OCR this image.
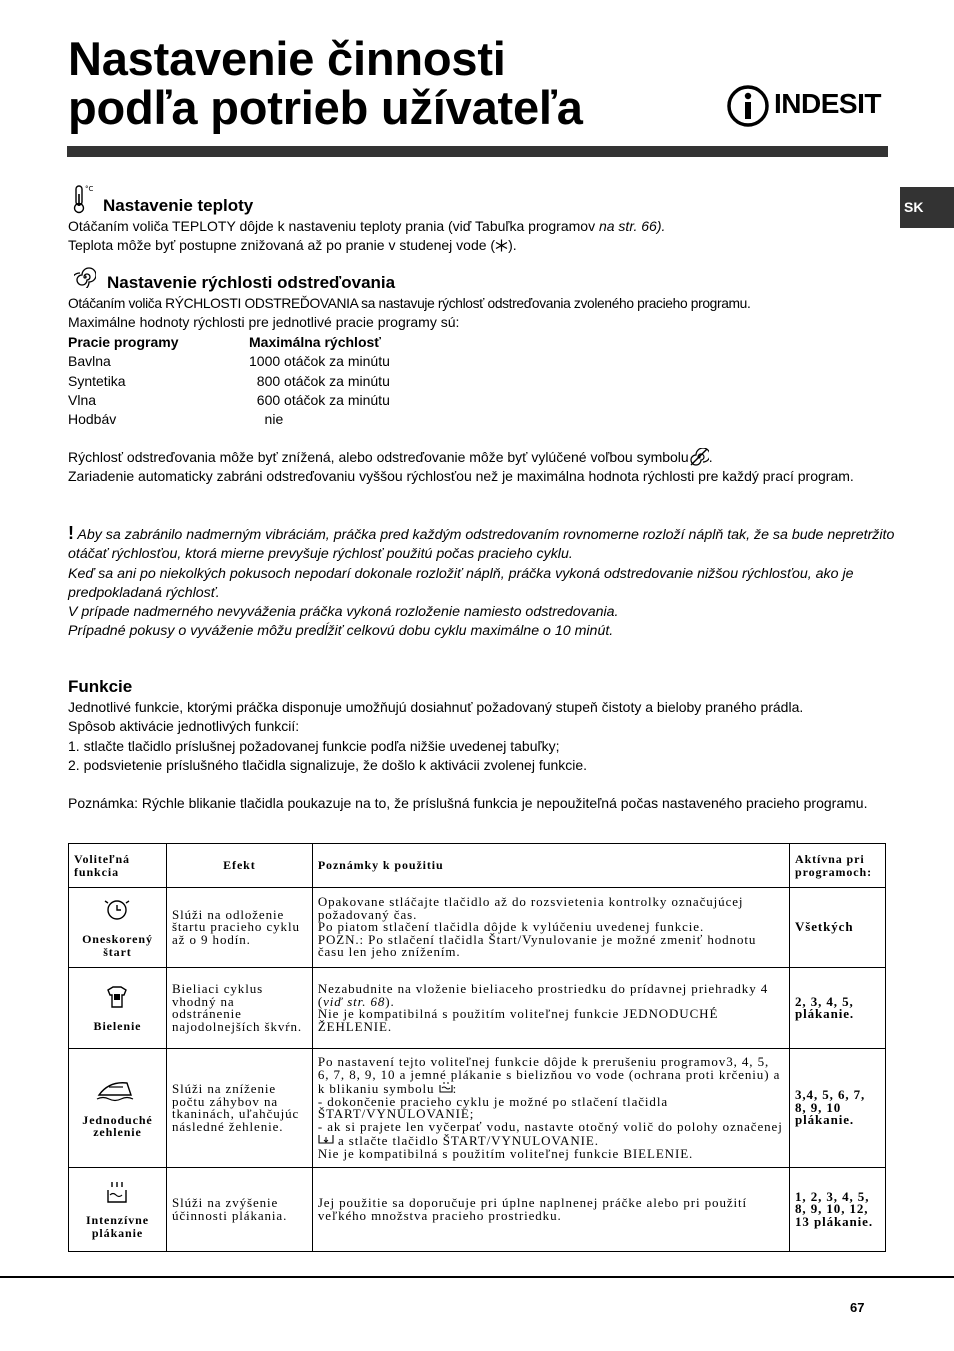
Nastavenie činnosti
podľa potrieb užívateľa	INDESIT
SK
°C
Nastavenie teploty

Otáčaním voliča TEPLOTY dôjde k nastaveniu teploty prania (viď Tabuľka programov na str. 66).

Teplota môže byť postupne znižovaná až po pranie v studenej vode ( ).

Nastavenie rýchlosti odstreďovania

Otáčaním voliča RÝCHLOSTI ODSTREĎOVANIA sa nastavuje rýchlosť odstreďovania zvoleného pracieho programu.

Maximálne hodnoty rýchlosti pre jednotlivé pracie programy sú:

Pracie programy	Maximálna rýchlosť
Bavlna	1000 otáčok za minútu
Syntetika	800 otáčok za minútu
Vlna	600 otáčok za minútu
Hodbáv	nie

Rýchlosť odstreďovania môže byť znížená, alebo odstreďovanie môže byť vylúčené voľbou symbolu .

Zariadenie automaticky zabráni odstreďovaniu vyššou rýchlosťou než je maximálna hodnota rýchlosti pre každý prací program.

! Aby sa zabránilo nadmerným vibráciám, práčka pred každým odstredovaním rovnomerne rozloží náplň tak, že sa bude nepretržito otáčať rýchlosťou, ktorá mierne prevyšuje rýchlosť použitú počas pracieho cyklu.
Keď sa ani po niekolkých pokusoch nepodarí dokonale rozložiť náplň, práčka vykoná odstredovanie nižšou rýchlosťou, ako je predpokladaná rýchlosť.
V prípade nadmerného nevyváženia práčka vykoná rozloženie namiesto odstredovania.
Prípadné pokusy o vyváženie môžu predĺžiť celkovú dobu cyklu maximálne o 10 minút.
Funkcie

Jednotlivé funkcie, ktorými práčka disponuje umožňujú dosiahnuť požadovaný stupeň čistoty a bieloby praného prádla.

Spôsob aktivácie jednotlivých funkcií:

1. stlačte tlačidlo príslušnej požadovanej funkcie podľa nižšie uvedenej tabuľky;

2. podsvietenie príslušného tlačidla signalizuje, že došlo k aktivácii zvolenej funkcie.

Poznámka: Rýchle blikanie tlačidla poukazuje na to, že príslušná funkcia je nepoužiteľná počas nastaveného pracieho programu.

Voliteľná funkcia	Efekt	Poznámky k použitiu	Aktívna pri programoch:

Oneskorený štart	Slúži na odloženie štartu pracieho cyklu až o 9 hodín.	Opakovane stláčajte tlačidlo až do rozsvietenia kontrolky označujúcej požadovaný čas.
Po piatom stlačení tlačidla dôjde k vylúčeniu uvedenej funkcie.
POZN.: Po stlačení tlačidla Štart/Vynulovanie je možné zmeniť hodnotu času len jeho znížením.	Všetkých

Bielenie	Bieliaci cyklus vhodný na odstránenie najodolnejších škvŕn.	Nezabudnite na vloženie bieliaceho prostriedku do prídavnej priehradky 4 (viď str. 68).
Nie je kompatibilná s použitím voliteľnej funkcie JEDNODUCHÉ ŽEHLENIE.	2, 3, 4, 5, plákanie.

Jednoduché zehlenie	Slúži na zníženie počtu záhybov na tkaninách, uľahčujúc následné žehlenie.	Po nastavení tejto voliteľnej funkcie dôjde k prerušeniu programov3, 4, 5, 6, 7, 8, 9, 10 a jemné plákanie s bielizňou vo vode (ochrana proti krčeniu) a k blikaniu symbolu :
- dokončenie pracieho cyklu je možné po stlačení tlačidla ŠTART/VYNULOVANIE;
- ak si prajete len vyčerpať vodu, nastavte otočný volič do polohy označenej  a stlačte tlačidlo ŠTART/VYNULOVANIE.
Nie je kompatibilná s použitím voliteľnej funkcie BIELENIE.	3,4, 5, 6, 7, 8, 9, 10 plákanie.

Intenzívne plákanie	Slúži na zvýšenie účinnosti plákania.	Jej použitie sa doporučuje pri úplne naplnenej práčke alebo pri použití veľkého množstva pracieho prostriedku.	1, 2, 3, 4, 5, 8, 9, 10, 12, 13 plákanie.
67
